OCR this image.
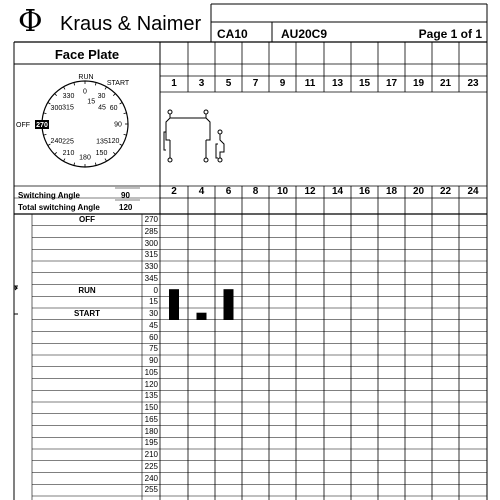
Φ Kraus & Naimer CA10	AU20C9	Page 1 of 1
Face Plate
0
30
60
90
120
150
180
210
240
300
330
15
45
135
225
315
270
RUN
START
OFF
Switching Angle	90
Total switching Angle 120
1	3	5	7	9	11	13	15	17	19	21	23
2	4	6	8	10	12	14	16	18	20	22	24
OFF	270
285
300
315
330
345
RUN	0
15
START	30
45
60
75
90
105
120
135
150
165
180
195
210
225
240
255
